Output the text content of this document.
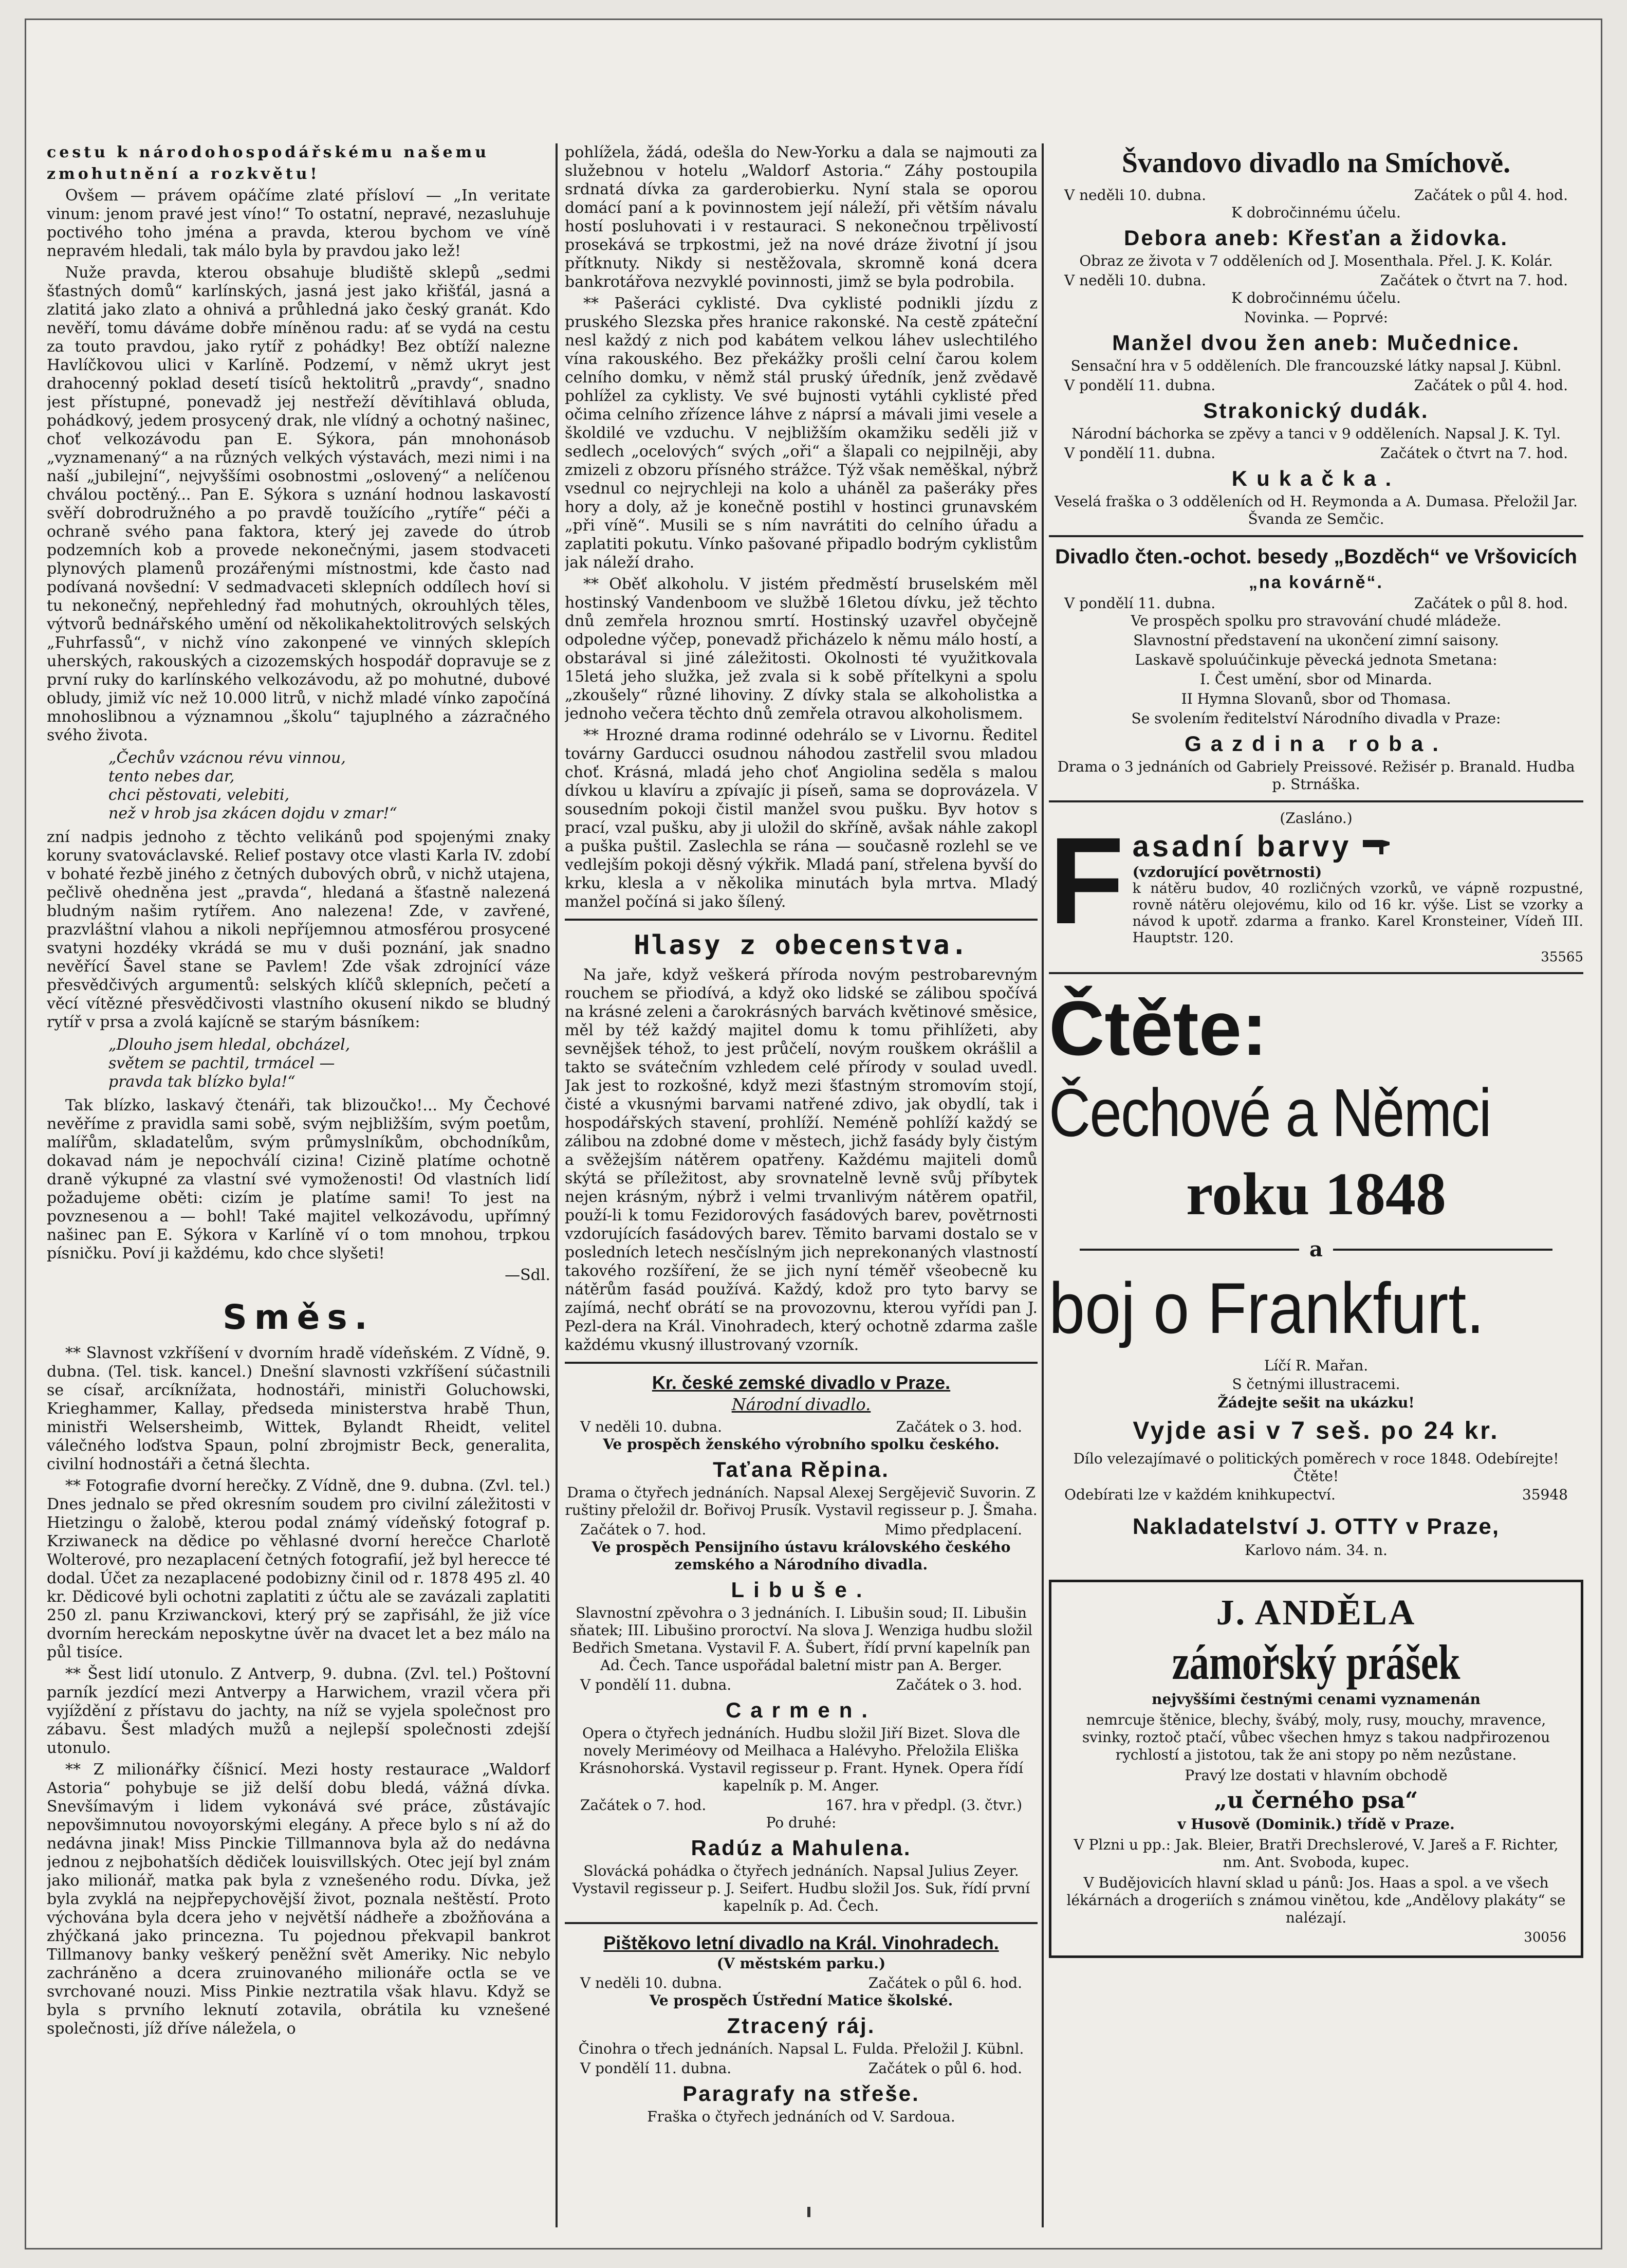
cestu k národohospodářskému našemu

zmohutnění a rozkvětu!

Ovšem — právem opáčíme zlaté přísloví — „In veritate vinum: jenom pravé jest víno!“ To ostatní, nepravé, nezasluhuje poctivého toho jména a pravda, kterou bychom ve víně nepravém hledali, tak málo byla by pravdou jako lež!

Nuže pravda, kterou obsahuje bludiště sklepů „sedmi šťastných domů“ karlínských, jasná jest jako křišťál, jasná a zlatitá jako zlato a ohnivá a průhledná jako český granát. Kdo nevěří, tomu dáváme dobře míněnou radu: ať se vydá na cestu za touto pravdou, jako rytíř z pohádky! Bez obtíží nalezne Havlíčkovou ulici v Karlíně. Podzemí, v němž ukryt jest drahocenný poklad desetí tisíců hektolitrů „pravdy“, snadno jest přístupné, ponevadž jej nestřeží děvítihlavá obluda, pohádkový, jedem prosycený drak, nle vlídný a ochotný našinec, choť velkozávodu pan E. Sýkora, pán mnohonásob „vyznamenaný“ a na různých velkých výstavách, mezi nimi i na naší „jubilejní“, nejvyššími osobnostmi „oslovený“ a nelíčenou chválou poctěný... Pan E. Sýkora s uznání hodnou laskavostí svěří dobrodružného a po pravdě toužícího „rytíře“ péči a ochraně svého pana faktora, který jej zavede do útrob podzemních kob a provede nekonečnými, jasem stodvaceti plynových plamenů prozářenými místnostmi, kde často nad podívaná novšední: V sedmadvaceti sklepních oddílech hoví si tu nekonečný, nepřehledný řad mohutných, okrouhlých těles, výtvorů bednářského umění od několikahektolitrových selských „Fuhrfassů“, v nichž víno zakonpené ve vinných sklepích uherských, rakouských a cizozemských hospodář dopravuje se z první ruky do karlínského velkozávodu, až po mohutné, dubové obludy, jimiž víc než 10.000 litrů, v nichž mladé vínko započíná mnohoslibnou a významnou „školu“ tajuplného a zázračného svého života.

„Čechův vzácnou révu vinnou,
tento nebes dar,
chci pěstovati, velebiti,
než v hrob jsa zkácen dojdu v zmar!“

zní nadpis jednoho z těchto velikánů pod spojenými znaky koruny svatováclavské. Relief postavy otce vlasti Karla IV. zdobí v bohaté řezbě jiného z četných dubových obrů, v nichž utajena, pečlivě ohedněna jest „pravda“, hledaná a šťastně nalezená bludným našim rytířem. Ano nalezena! Zde, v zavřené, prazvláštní vlahou a nikoli nepříjemnou atmosférou prosycené svatyni hozdéky vkrádá se mu v duši poznání, jak snadno nevěřící Šavel stane se Pavlem! Zde však zdrojnící váze přesvědčivých argumentů: selských klíčů sklepních, pečetí a věcí vítězné přesvědčivosti vlastního okusení nikdo se bludný rytíř v prsa a zvolá kajícně se starým básníkem:

„Dlouho jsem hledal, obcházel,
světem se pachtil, trmácel —
pravda tak blízko byla!“

Tak blízko, laskavý čtenáři, tak blizoučko!... My Čechové nevěříme z pravidla sami sobě, svým nejbližším, svým poetům, malířům, skladatelům, svým průmyslníkům, obchodníkům, dokavad nám je nepochválí cizina! Cizině platíme ochotně draně výkupné za vlastní své vymoženosti! Od vlastních lidí požadujeme oběti: cizím je platíme sami! To jest na povznesenou a — bohl! Také majitel velkozávodu, upřímný našinec pan E. Sýkora v Karlíně ví o tom mnohou, trpkou písničku. Poví ji každému, kdo chce slyšeti!

—Sdl.
Směs.

** Slavnost vzkříšení v dvorním hradě vídeňském. Z Vídně, 9. dubna. (Tel. tisk. kancel.) Dnešní slavnosti vzkříšení súčastnili se císař, arcíknížata, hodnostáři, ministři Goluchowski, Krieghammer, Kallay, předseda ministerstva hrabě Thun, ministři Welsersheimb, Wittek, Bylandt Rheidt, velitel válečného loďstva Spaun, polní zbrojmistr Beck, generalita, civilní hodnostáři a četná šlechta.

** Fotografie dvorní herečky. Z Vídně, dne 9. dubna. (Zvl. tel.) Dnes jednalo se před okresním soudem pro civilní záležitosti v Hietzingu o žalobě, kterou podal známý vídeňský fotograf p. Krziwaneck na dědice po věhlasné dvorní herečce Charlotě Wolterové, pro nezaplacení četných fotografií, jež byl herecce té dodal. Účet za nezaplacené podobizny činil od r. 1878 495 zl. 40 kr. Dědicové byli ochotni zaplatiti z účtu ale se zavázali zaplatiti 250 zl. panu Krziwanckovi, který prý se zapřisáhl, že již více dvorním hereckám neposkytne úvěr na dvacet let a bez málo na půl tisíce.

** Šest lidí utonulo. Z Antverp, 9. dubna. (Zvl. tel.) Poštovní parník jezdící mezi Antverpy a Harwichem, vrazil včera při vyjíždění z přístavu do jachty, na níž se vyjela společnost pro zábavu. Šest mladých mužů a nejlepší společnosti zdejší utonulo.

** Z milionářky číšnicí. Mezi hosty restaurace „Waldorf Astoria“ pohybuje se již delší dobu bledá, vážná dívka. Snevšímavým i lidem vykonává své práce, zůstávajíc nepovšimnutou novoyorskými elegány. A přece bylo s ní až do nedávna jinak! Miss Pinckie Tillmannova byla až do nedávna jednou z nejbohatších dědiček louisvillských. Otec její byl znám jako milionář, matka pak byla z vznešeného rodu. Dívka, jež byla zvyklá na nejpřepychovější život, poznala neštěstí. Proto výchována byla dcera jeho v největší nádheře a zbožňována a zhýčkaná jako princezna. Tu pojednou překvapil bankrot Tillmanovy banky veškerý peněžní svět Ameriky. Nic nebylo zachráněno a dcera zruinovaného milionáře octla se ve svrchované nouzi. Miss Pinkie neztratila však hlavu. Když se byla s prvního leknutí zotavila, obrátila ku vznešené společnosti, jíž dříve náležela, o

pohlížela, žádá, odešla do New-Yorku a dala se najmouti za služebnou v hotelu „Waldorf Astoria.“ Záhy postoupila srdnatá dívka za garderobierku. Nyní stala se oporou domácí paní a k povinnostem její náleží, při větším návalu hostí posluhovati i v restauraci. S nekonečnou trpělivostí prosekává se trpkostmi, jež na nové dráze životní jí jsou přítknuty. Nikdy si nestěžovala, skromně koná dcera bankrotářova nezvyklé povinnosti, jimž se byla podrobila.

** Pašeráci cyklisté. Dva cyklisté podnikli jízdu z pruského Slezska přes hranice rakonské. Na cestě zpáteční nesl každý z nich pod kabátem velkou láhev uslechtilého vína rakouského. Bez překážky prošli celní čarou kolem celního domku, v němž stál pruský úředník, jenž zvědavě pohlížel za cyklisty. Ve své bujnosti vytáhli cyklisté před očima celního zřízence láhve z náprsí a mávali jimi vesele a školdilé ve vzduchu. V nejbližším okamžiku seděli již v sedlech „ocelových“ svých „oři“ a šlapali co nejpilněji, aby zmizeli z obzoru přísného strážce. Týž však neměškal, nýbrž vsednul co nejrychleji na kolo a uháněl za pašeráky přes hory a doly, až je konečně postihl v hostinci grunavském „při víně“. Musili se s ním navrátiti do celního úřadu a zaplatiti pokutu. Vínko pašované připadlo bodrým cyklistům jak náleží draho.

** Oběť alkoholu. V jistém předměstí bruselském měl hostinský Vandenboom ve službě 16letou dívku, jež těchto dnů zemřela hroznou smrtí. Hostinský uzavřel obyčejně odpoledne výčep, ponevadž přicházelo k němu málo hostí, a obstarával si jiné záležitosti. Okolnosti té využitkovala 15letá jeho služka, jež zvala si k sobě přítelkyni a spolu „zkoušely“ různé lihoviny. Z dívky stala se alkoholistka a jednoho večera těchto dnů zemřela otravou alkoholismem.

** Hrozné drama rodinné odehrálo se v Livornu. Ředitel továrny Garducci osudnou náhodou zastřelil svou mladou choť. Krásná, mladá jeho choť Angiolina seděla s malou dívkou u klavíru a zpívajíc ji píseň, sama se doprovázela. V sousedním pokoji čistil manžel svou pušku. Byv hotov s prací, vzal pušku, aby ji uložil do skříně, avšak náhle zakopl a puška puštil. Zaslechla se rána — současně rozlehl se ve vedlejším pokoji děsný výkřik. Mladá paní, střelena byvší do krku, klesla a v několika minutách byla mrtva. Mladý manžel počíná si jako šílený.

Hlasy z obecenstva.

Na jaře, když veškerá příroda novým pestrobarevným rouchem se přiodívá, a když oko lidské se zálibou spočívá na krásné zeleni a čarokrásných barvách květinové směsice, měl by též každý majitel domu k tomu přihlížeti, aby sevnějšek téhož, to jest průčelí, novým rouškem okrášlil a takto se svátečním vzhledem celé přírody v soulad uvedl. Jak jest to rozkošné, když mezi šťastným stromovím stojí, čisté a vkusnými barvami natřené zdivo, jak obydlí, tak i hospodářských stavení, prohlíží. Neméně pohlíží každý se zálibou na zdobné dome v městech, jichž fasády byly čistým a svěžejším nátěrem opatřeny. Každému majiteli domů skýtá se příležitost, aby srovnatelně levně svůj příbytek nejen krásným, nýbrž i velmi trvanlivým nátěrem opatřil, použí-li k tomu Fezidorových fasádových barev, povětrnosti vzdorujících fasádových barev. Těmito barvami dostalo se v posledních letech nesčíslným jich neprekonaných vlastností takového rozšíření, že se jich nyní téměř všeobecně ku nátěrům fasád používá. Každý, kdož pro tyto barvy se zajímá, nechť obrátí se na provozovnu, kterou vyřídi pan J. Pezl-dera na Král. Vinohradech, který ochotně zdarma zašle každému vkusný illustrovaný vzorník.

Kr. české zemské divadlo v Praze.
Národní divadlo.
V neděli 10. dubna.	Začátek o 3. hod.
Ve prospěch ženského výrobního spolku českého.
Taťana Rěpina.
Drama o čtyřech jednáních. Napsal Alexej Sergějevič Suvorin. Z ruštiny přeložil dr. Bořivoj Prusík. Vystavil regisseur p. J. Šmaha.
Začátek o 7. hod.	Mimo předplacení.
Ve prospěch Pensijního ústavu královského českého zemského a Národního divadla.
Libuše.
Slavnostní zpěvohra o 3 jednáních. I. Libušin soud; II. Libušin sňatek; III. Libušino proroctví. Na slova J. Wenziga hudbu složil Bedřich Smetana. Vystavil F. A. Šubert, řídí první kapelník pan Ad. Čech. Tance uspořádal baletní mistr pan A. Berger.
V pondělí 11. dubna.	Začátek o 3. hod.
Carmen.
Opera o čtyřech jednáních. Hudbu složil Jiří Bizet. Slova dle novely Meriméovy od Meilhaca a Halévyho. Přeložila Eliška Krásnohorská. Vystavil regisseur p. Frant. Hynek. Opera řídí kapelník p. M. Anger.
Začátek o 7. hod.	167. hra v předpl. (3. čtvr.)
Po druhé:
Radúz a Mahulena.
Slovácká pohádka o čtyřech jednáních. Napsal Julius Zeyer. Vystavil regisseur p. J. Seifert. Hudbu složil Jos. Suk, řídí první kapelník p. Ad. Čech.
Pištěkovo letní divadlo na Král. Vinohradech.
(V městském parku.)
V neděli 10. dubna.	Začátek o půl 6. hod.
Ve prospěch Ústřední Matice školské.
Ztracený ráj.
Činohra o třech jednáních. Napsal L. Fulda. Přeložil J. Kübnl.
V pondělí 11. dubna.	Začátek o půl 6. hod.
Paragrafy na střeše.
Fraška o čtyřech jednáních od V. Sardoua.
Švandovo divadlo na Smíchově.
V neděli 10. dubna.	Začátek o půl 4. hod.
K dobročinnému účelu.
Debora aneb: Křesťan a židovka.
Obraz ze života v 7 odděleních od J. Mosenthala. Přel. J. K. Kolár.
V neděli 10. dubna.	Začátek o čtvrt na 7. hod.
K dobročinnému účelu.
Novinka. — Poprvé:
Manžel dvou žen aneb: Mučednice.
Sensační hra v 5 odděleních. Dle francouzské látky napsal J. Kübnl.
V pondělí 11. dubna.	Začátek o půl 4. hod.
Strakonický dudák.
Národní báchorka se zpěvy a tanci v 9 odděleních. Napsal J. K. Tyl.
V pondělí 11. dubna.	Začátek o čtvrt na 7. hod.
Kukačka.
Veselá fraška o 3 odděleních od H. Reymonda a A. Dumasa. Přeložil Jar. Švanda ze Semčic.
Divadlo čten.-ochot. besedy „Bozděch“ ve Vršovicích
„na kovárně“.
V pondělí 11. dubna.	Začátek o půl 8. hod.
Ve prospěch spolku pro stravování chudé mládeže.
Slavnostní představení na ukončení zimní saisony.
Laskavě spoluúčinkuje pěvecká jednota Smetana:
I. Čest umění, sbor od Minarda.
II Hymna Slovanů, sbor od Thomasa.
Se svolením ředitelství Národního divadla v Praze:
Gazdina roba.
Drama o 3 jednáních od Gabriely Preissové. Režisér p. Branald. Hudba p. Strnáška.
(Zasláno.)
F asadní barvy
(vzdorující povětrnosti)

k nátěru budov, 40 rozličných vzorků, ve vápně rozpustné, rovně nátěru olejovému, kilo od 16 kr. výše. List se vzorky a návod k upotř. zdarma a franko. Karel Kronsteiner, Vídeň III. Hauptstr. 120.

35565
Čtěte:
Čechové a Němci
roku 1848
a
boj o Frankfurt.
Líčí R. Mařan.
S četnými illustracemi.
Žádejte sešit na ukázku!
Vyjde asi v 7 seš. po 24 kr.
Dílo velezajímavé o politických poměrech v roce 1848. Odebírejte! Čtěte!
Odebírati lze v každém knihkupectví.	35948
Nakladatelství J. OTTY v Praze,
Karlovo nám. 34. n.
J. ANDĚLA
zámořský prášek

nejvyššími čestnými cenami vyznamenán

nemrcuje štěnice, blechy, švábý, moly, rusy, mouchy, mravence, svinky, roztoč ptačí, vůbec všechen hmyz s takou nadpřirozenou rychlostí a jistotou, tak že ani stopy po něm nezůstane.

Pravý lze dostati v hlavním obchodě

„u černého psa“

v Husově (Dominik.) třídě v Praze.

V Plzni u pp.: Jak. Bleier, Bratři Drechslerové, V. Jareš a F. Richter, nm. Ant. Svoboda, kupec.

V Budějovicích hlavní sklad u pánů: Jos. Haas a spol. a ve všech lékárnách a drogeriích s známou vinětou, kde „Andělovy plakáty“ se nalézají.

30056
